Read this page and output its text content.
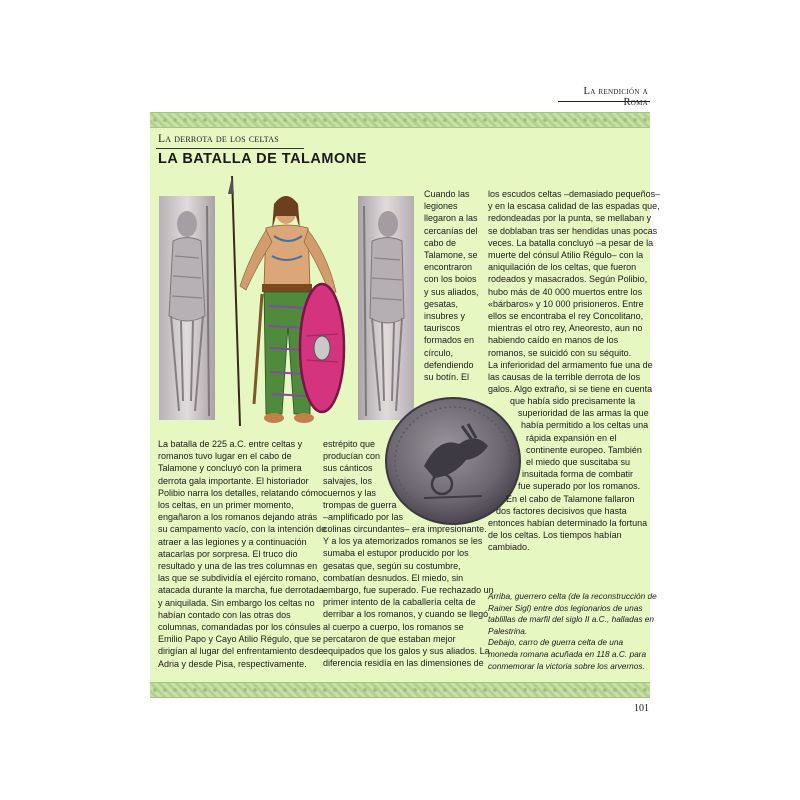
La rendición a Roma
La derrota de los celtas
LA BATALLA DE TALAMONE
Cuando las
legiones
llegaron a las
cercanías del
cabo de
Talamone, se
encontraron
con los boios
y sus aliados,
gesatas,
insubres y
tauriscos
formados en
círculo,
defendiendo
su botín. El
La batalla de 225 a.C. entre celtas y
romanos tuvo lugar en el cabo de
Talamone y concluyó con la primera
derrota gala importante. El historiador
Polibio narra los detalles, relatando cómo
los celtas, en un primer momento,
engañaron a los romanos dejando atrás
su campamento vacío, con la intención de
atraer a las legiones y a continuación
atacarlas por sorpresa. El truco dio
resultado y una de las tres columnas en
las que se subdividía el ejército romano,
atacada durante la marcha, fue derrotada
y aniquilada. Sin embargo los celtas no
habían contado con las otras dos
columnas, comandadas por los cónsules
Emilio Papo y Cayo Atilio Régulo, que se
dirigían al lugar del enfrentamiento desde
Adria y desde Pisa, respectivamente.
estrépito que
producían con
sus cánticos
salvajes, los
cuernos y las
trompas de guerra
–amplificado por las
colinas circundantes– era impresionante.
Y a los ya atemorizados romanos se les
sumaba el estupor producido por los
gesatas que, según su costumbre,
combatían desnudos. El miedo, sin
embargo, fue superado. Fue rechazado un
primer intento de la caballería celta de
derribar a los romanos, y cuando se llegó
al cuerpo a cuerpo, los romanos se
percataron de que estaban mejor
equipados que los galos y sus aliados. La
diferencia residía en las dimensiones de
los escudos celtas –demasiado pequeños–
y en la escasa calidad de las espadas que,
redondeadas por la punta, se mellaban y
se doblaban tras ser hendidas unas pocas
veces. La batalla concluyó –a pesar de la
muerte del cónsul Atilio Régulo– con la
aniquilación de los celtas, que fueron
rodeados y masacrados. Según Polibio,
hubo más de 40 000 muertos entre los
«bárbaros» y 10 000 prisioneros. Entre
ellos se encontraba el rey Concolitano,
mientras el otro rey, Aneoresto, aun no
habiendo caído en manos de los
romanos, se suicidó con su séquito.
La inferioridad del armamento fue una de
las causas de la terrible derrota de los
galos. Algo extraño, si se tiene en cuenta
que había sido precisamente la
superioridad de las armas la que
había permitido a los celtas una
rápida expansión en el
continente europeo. También
el miedo que suscitaba su
insuitada forma de combatir
fue superado por los romanos.
En el cabo de Talamone fallaron
dos factores decisivos que hasta
entonces habían determinado la fortuna
de los celtas. Los tiempos habían
cambiado.
Arriba, guerrero celta (de la reconstrucción de
Rainer Sigl) entre dos legionarios de unas
tablillas de marfil del siglo II a.C., halladas en
Palestrina.
Debajo, carro de guerra celta de una
moneda romana acuñada en 118 a.C. para
conmemorar la victoria sobre los arvernos.
101
